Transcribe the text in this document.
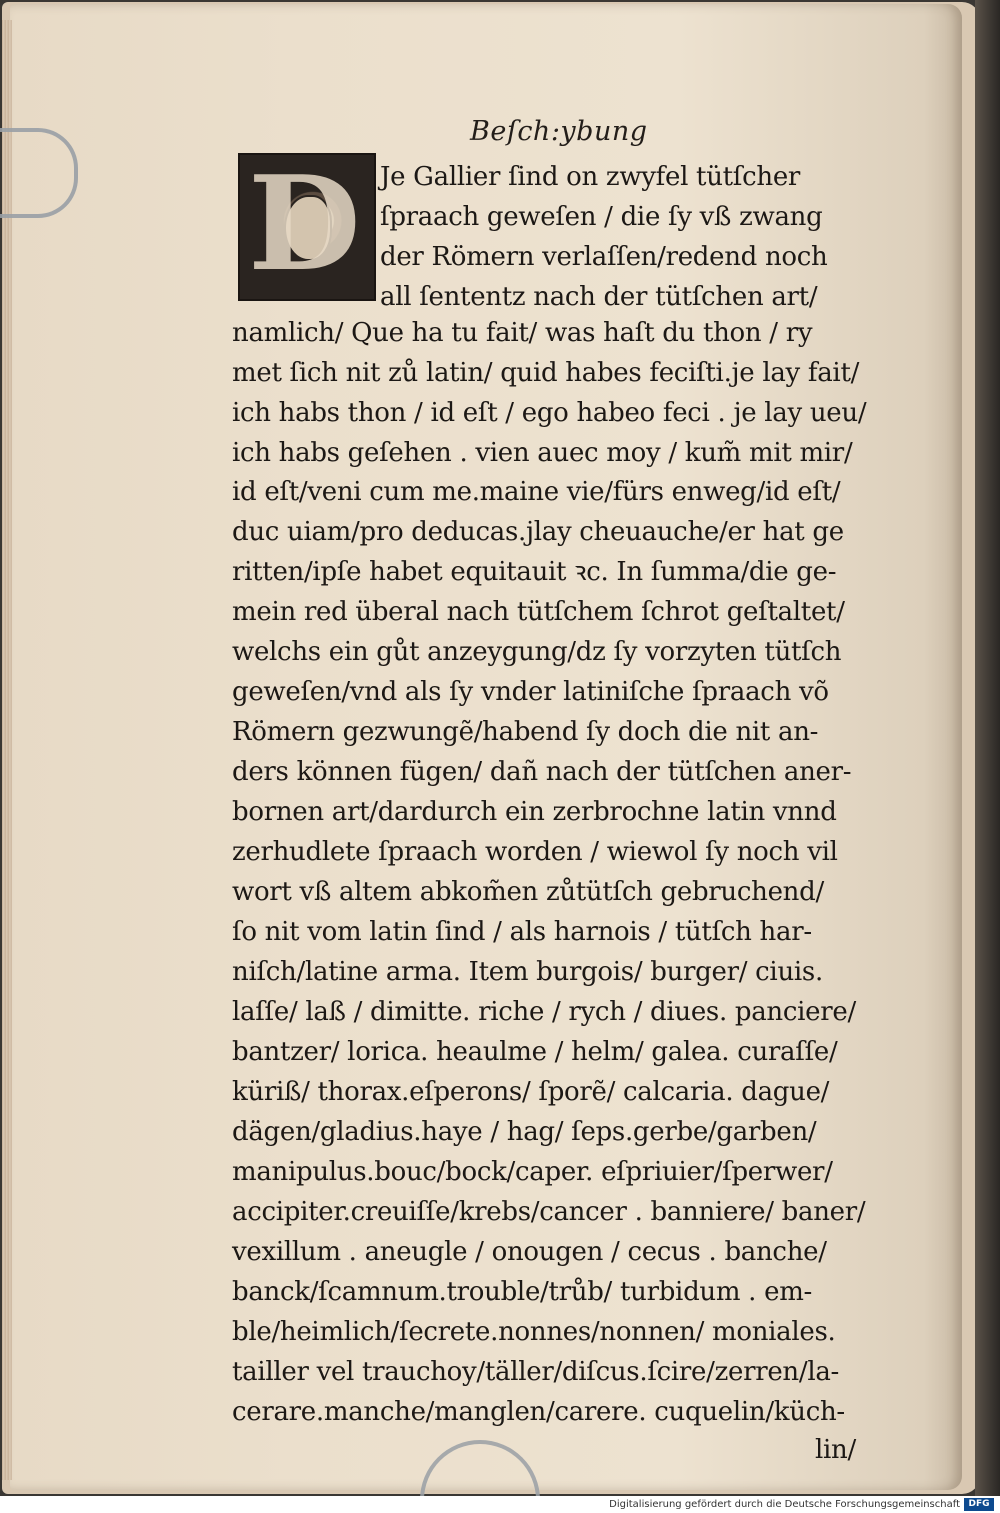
Beſch:ybung
D Je Gallier ſind on zwyfel tütſcher
ſpraach geweſen / die ſy vß zwang
der Römern verlaſſen/redend noch
all ſententz nach der tütſchen art/
namlich/ Que ha tu fait/ was haſt du thon / ry
met ſich nit zů latin/ quid habes feciſti.je lay fait/
ich habs thon / id eſt / ego habeo feci . je lay ueu/
ich habs geſehen . vien auec moy / kum̃ mit mir/
id eſt/veni cum me.maine vie/fürs enweg/id eſt/
duc uiam/pro deducas.jlay cheuauche/er hat ge
ritten/ipſe habet equitauit ꝛc. In ſumma/die ge-
mein red überal nach tütſchem ſchrot geſtaltet/
welchs ein gůt anzeygung/dz ſy vorzyten tütſch
geweſen/vnd als ſy vnder latiniſche ſpraach võ
Römern gezwungẽ/habend ſy doch die nit an-
ders können fügen/ dañ nach der tütſchen aner-
bornen art/dardurch ein zerbrochne latin vnnd
zerhudlete ſpraach worden / wiewol ſy noch vil
wort vß altem abkom̃en zůtütſch gebruchend/
ſo nit vom latin ſind / als harnois / tütſch har-
niſch/latine arma. Item burgois/ burger/ ciuis.
laſſe/ laß / dimitte. riche / rych / diues. panciere/
bantzer/ lorica. heaulme / helm/ galea. curaſſe/
küriß/ thorax.eſperons/ ſporẽ/ calcaria. dague/
dägen/gladius.haye / hag/ ſeps.gerbe/garben/
manipulus.bouc/bock/caper. eſpriuier/ſperwer/
accipiter.creuiſſe/krebs/cancer . banniere/ baner/
vexillum . aneugle / onougen / cecus . banche/
banck/ſcamnum.trouble/trůb/ turbidum . em-
ble/heimlich/ſecrete.nonnes/nonnen/ moniales.
tailler vel trauchoy/täller/diſcus.ſcire/zerren/la-
cerare.manche/manglen/carere. cuquelin/küch-
lin/
Digitalisierung gefördert durch die Deutsche Forschungsgemeinschaft DFG
